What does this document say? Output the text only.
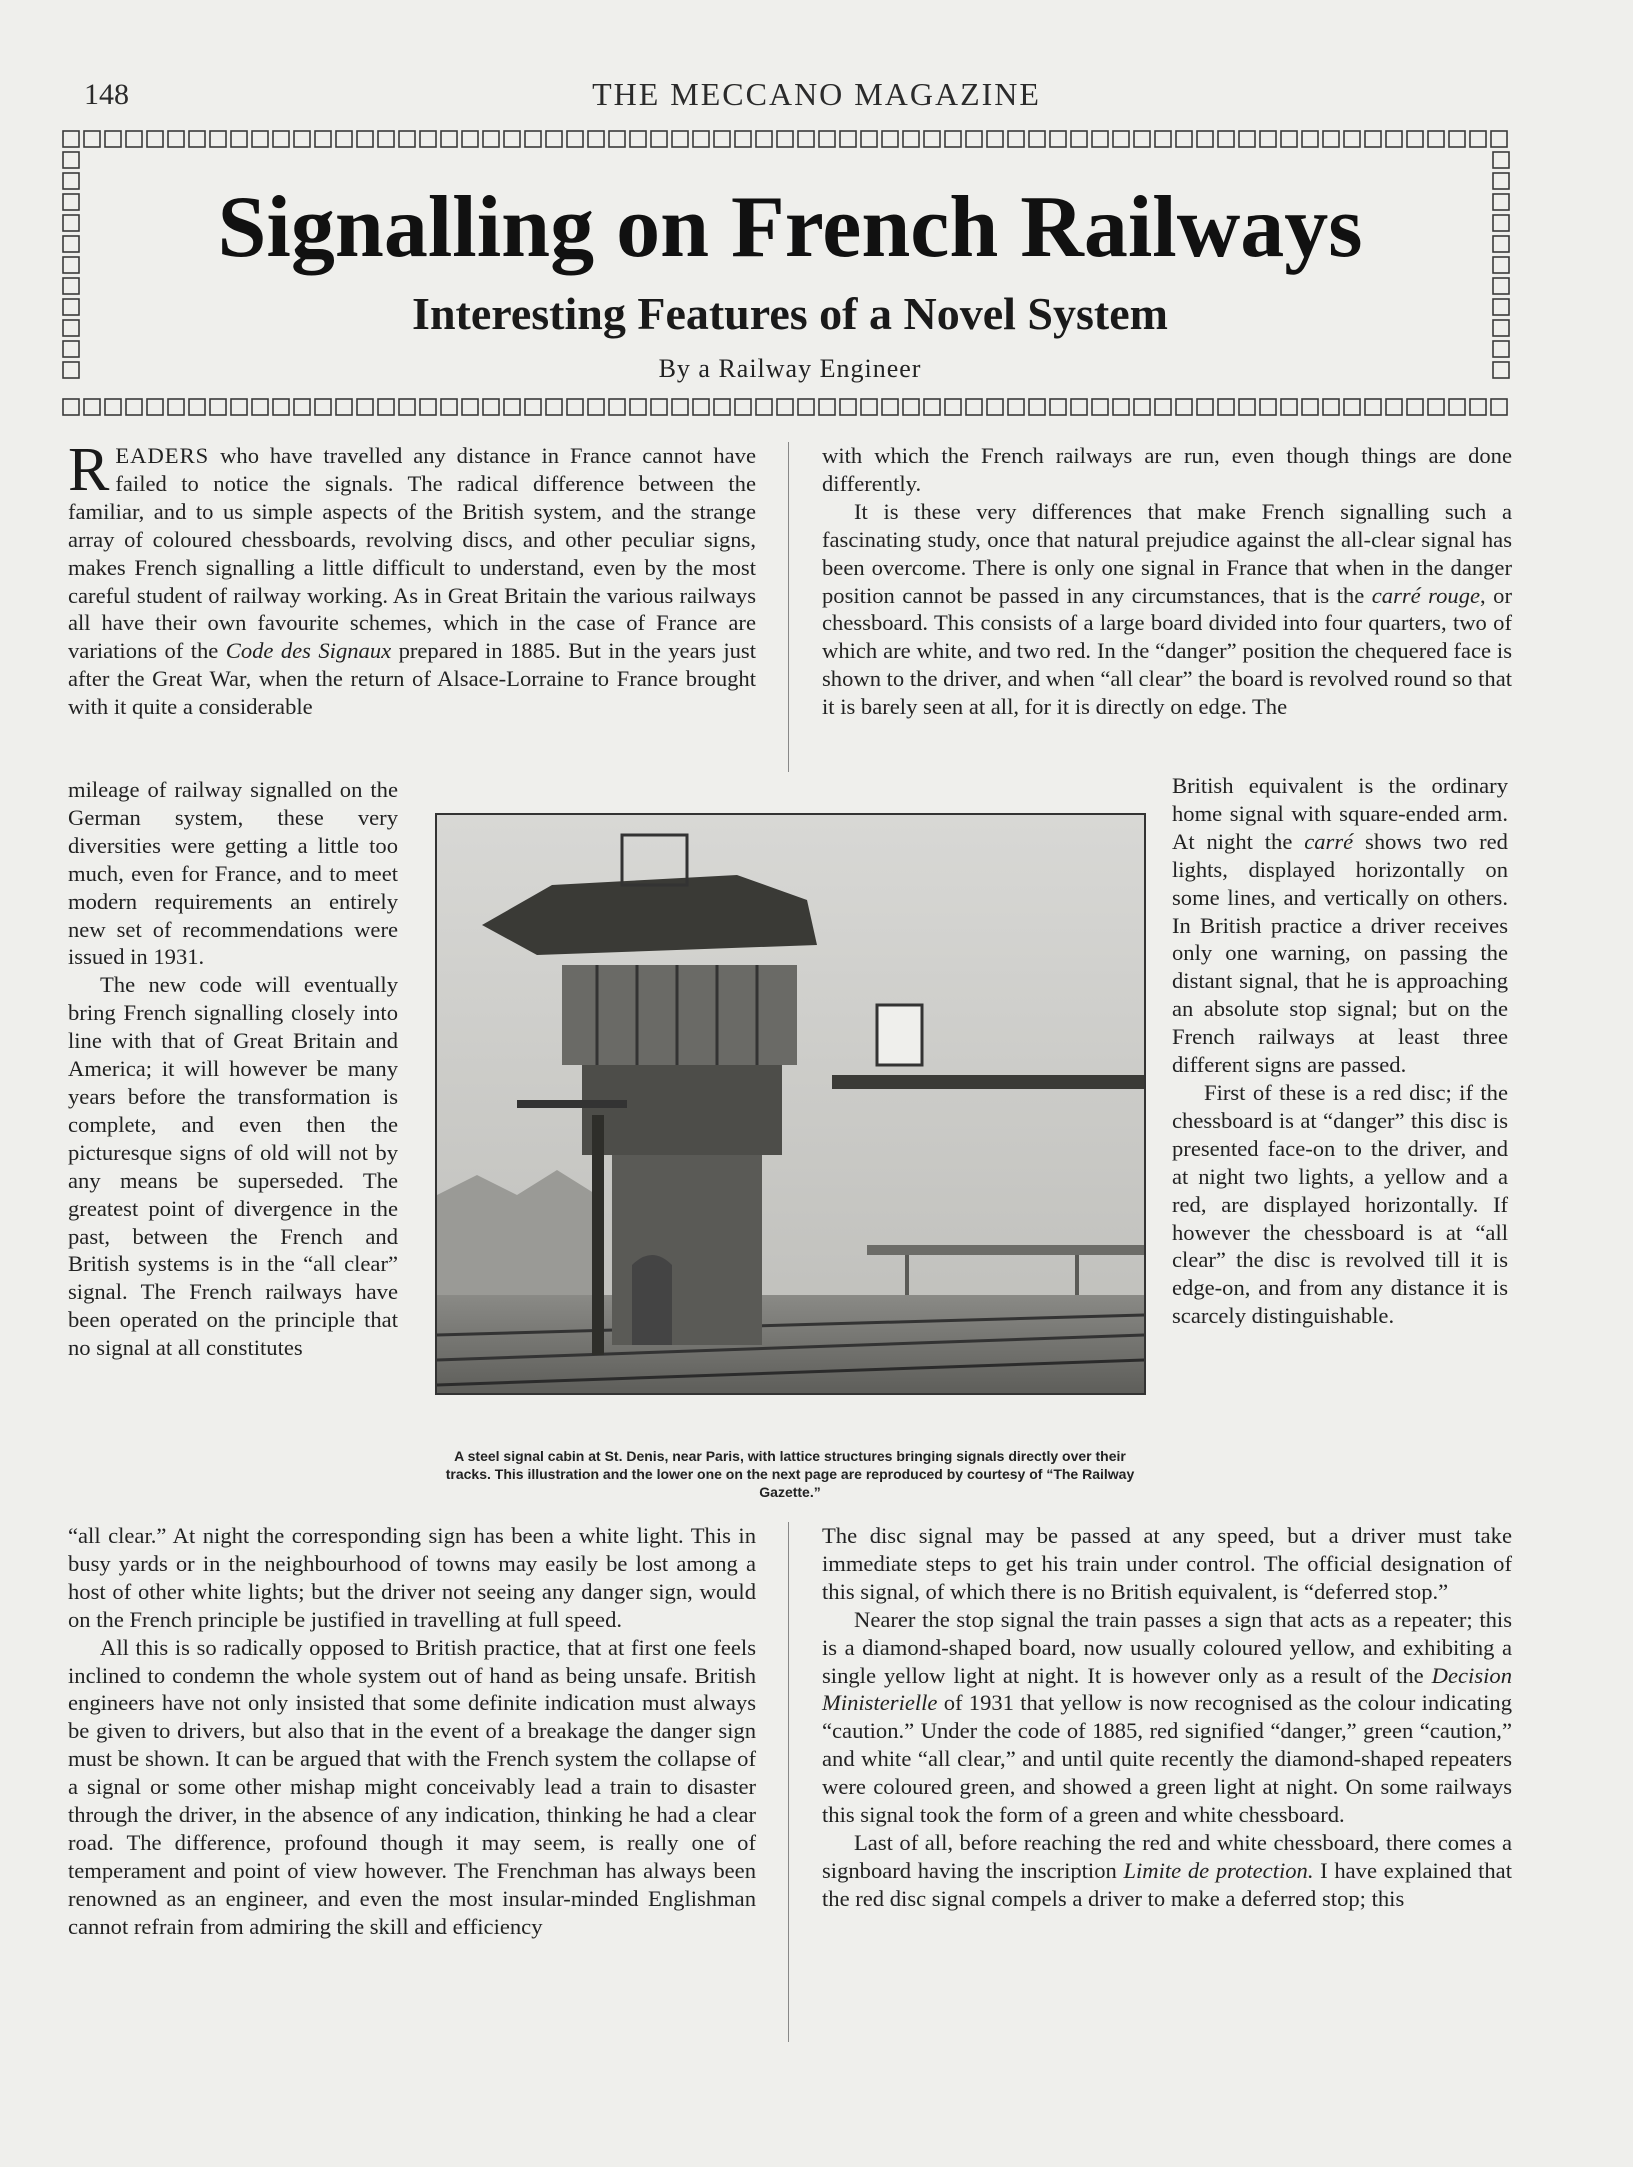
148	THE MECCANO MAGAZINE
Signalling on French Railways
Interesting Features of a Novel System
By a Railway Engineer

READERS who have travelled any distance in France cannot have failed to notice the signals. The radical difference between the familiar, and to us simple aspects of the British system, and the strange array of coloured chessboards, revolving discs, and other peculiar signs, makes French signalling a little difficult to understand, even by the most careful student of railway working. As in Great Britain the various railways all have their own favourite schemes, which in the case of France are variations of the Code des Signaux prepared in 1885. But in the years just after the Great War, when the return of Alsace-Lorraine to France brought with it quite a considerable

mileage of railway signalled on the German system, these very diversities were getting a little too much, even for France, and to meet modern requirements an entirely new set of recommendations were issued in 1931.

The new code will eventually bring French signalling closely into line with that of Great Britain and America; it will however be many years before the transformation is complete, and even then the picturesque signs of old will not by any means be superseded. The greatest point of divergence in the past, between the French and British systems is in the “all clear” signal. The French railways have been operated on the principle that no signal at all constitutes

“all clear.” At night the corresponding sign has been a white light. This in busy yards or in the neighbourhood of towns may easily be lost among a host of other white lights; but the driver not seeing any danger sign, would on the French principle be justified in travelling at full speed.

All this is so radically opposed to British practice, that at first one feels inclined to condemn the whole system out of hand as being unsafe. British engineers have not only insisted that some definite indication must always be given to drivers, but also that in the event of a breakage the danger sign must be shown. It can be argued that with the French system the collapse of a signal or some other mishap might conceivably lead a train to disaster through the driver, in the absence of any indication, thinking he had a clear road. The difference, profound though it may seem, is really one of temperament and point of view however. The Frenchman has always been renowned as an engineer, and even the most insular-minded Englishman cannot refrain from admiring the skill and efficiency

with which the French railways are run, even though things are done differently.

It is these very differences that make French signalling such a fascinating study, once that natural prejudice against the all-clear signal has been overcome. There is only one signal in France that when in the danger position cannot be passed in any circumstances, that is the carré rouge, or chessboard. This consists of a large board divided into four quarters, two of which are white, and two red. In the “danger” position the chequered face is shown to the driver, and when “all clear” the board is revolved round so that it is barely seen at all, for it is directly on edge. The

British equivalent is the ordinary home signal with square-ended arm. At night the carré shows two red lights, displayed horizontally on some lines, and vertically on others. In British practice a driver receives only one warning, on passing the distant signal, that he is approaching an absolute stop signal; but on the French railways at least three different signs are passed.

First of these is a red disc; if the chessboard is at “danger” this disc is presented face-on to the driver, and at night two lights, a yellow and a red, are displayed horizontally. If however the chessboard is at “all clear” the disc is revolved till it is edge-on, and from any distance it is scarcely distinguishable.

The disc signal may be passed at any speed, but a driver must take immediate steps to get his train under control. The official designation of this signal, of which there is no British equivalent, is “deferred stop.”

Nearer the stop signal the train passes a sign that acts as a repeater; this is a diamond-shaped board, now usually coloured yellow, and exhibiting a single yellow light at night. It is however only as a result of the Decision Ministerielle of 1931 that yellow is now recognised as the colour indicating “caution.” Under the code of 1885, red signified “danger,” green “caution,” and white “all clear,” and until quite recently the diamond-shaped repeaters were coloured green, and showed a green light at night. On some railways this signal took the form of a green and white chessboard.

Last of all, before reaching the red and white chessboard, there comes a signboard having the inscription Limite de protection. I have explained that the red disc signal compels a driver to make a deferred stop; this

A steel signal cabin at St. Denis, near Paris, with lattice structures bringing signals directly over their tracks. This illustration and the lower one on the next page are reproduced by courtesy of “The Railway Gazette.”
